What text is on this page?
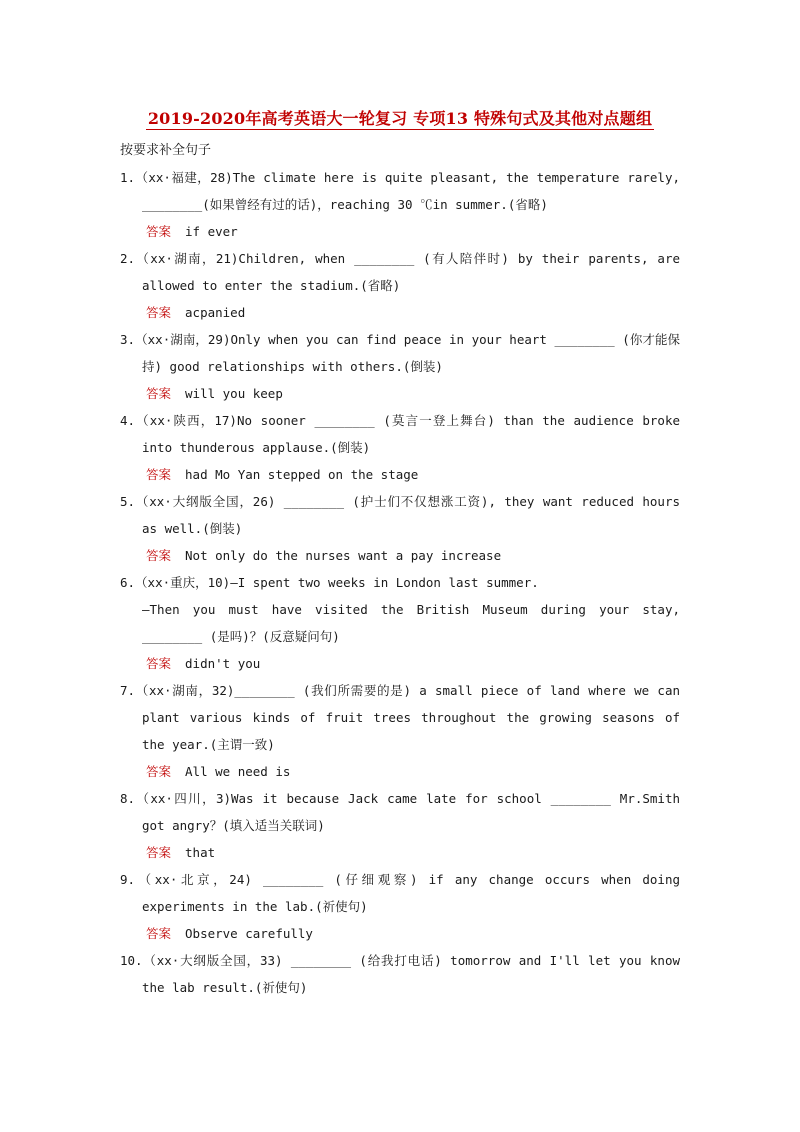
2019-2020年高考英语大一轮复习 专项13 特殊句式及其他对点题组
按要求补全句子
1.（xx·福建，28)The climate here is quite pleasant, the temperature rarely, ________(如果曾经有过的话)，reaching 30 ℃in summer.(省略)
答案 if ever
2.（xx·湖南，21)Children, when ________ (有人陪伴时) by their parents, are allowed to enter the stadium.(省略)
答案 acpanied
3.（xx·湖南，29)Only when you can find peace in your heart ________ (你才能保持) good relationships with others.(倒装)
答案 will you keep
4.（xx·陕西，17)No sooner ________ (莫言一登上舞台) than the audience broke into thunderous applause.(倒装)
答案 had Mo Yan stepped on the stage
5.（xx·大纲版全国，26) ________ (护士们不仅想涨工资), they want reduced hours as well.(倒装)
答案 Not only do the nurses want a pay increase
6.（xx·重庆，10)—I spent two weeks in London last summer.
—Then you must have visited the British Museum during your stay, ________ (是吗)？(反意疑问句)
答案 didn't you
7.（xx·湖南，32)________ (我们所需要的是) a small piece of land where we can plant various kinds of fruit trees throughout the growing seasons of the year.(主谓一致)
答案 All we need is
8.（xx·四川，3)Was it because Jack came late for school ________ Mr.Smith got angry？(填入适当关联词)
答案 that
9.（xx·北京，24) ________ (仔细观察) if any change occurs when doing experiments in the lab.(祈使句)
答案 Observe carefully
10.（xx·大纲版全国，33) ________ (给我打电话) tomorrow and I'll let you know the lab result.(祈使句)
